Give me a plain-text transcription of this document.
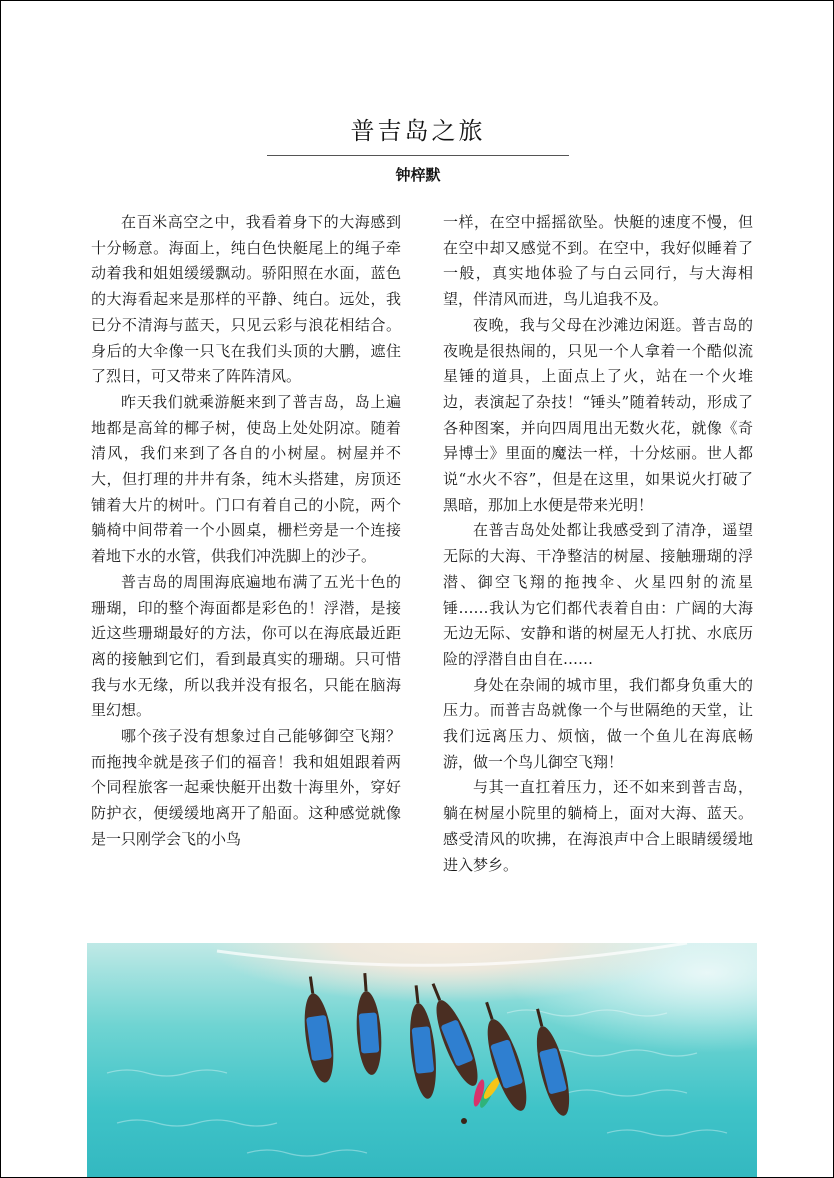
普吉岛之旅
钟梓默

在百米高空之中，我看着身下的大海感到十分畅意。海面上，纯白色快艇尾上的绳子牵动着我和姐姐缓缓飘动。骄阳照在水面，蓝色的大海看起来是那样的平静、纯白。远处，我已分不清海与蓝天，只见云彩与浪花相结合。身后的大伞像一只飞在我们头顶的大鹏，遮住了烈日，可又带来了阵阵清风。

昨天我们就乘游艇来到了普吉岛，岛上遍地都是高耸的椰子树，使岛上处处阴凉。随着清风，我们来到了各自的小树屋。树屋并不大，但打理的井井有条，纯木头搭建，房顶还铺着大片的树叶。门口有着自己的小院，两个躺椅中间带着一个小圆桌，栅栏旁是一个连接着地下水的水管，供我们冲洗脚上的沙子。

普吉岛的周围海底遍地布满了五光十色的珊瑚，印的整个海面都是彩色的！浮潜，是接近这些珊瑚最好的方法，你可以在海底最近距离的接触到它们，看到最真实的珊瑚。只可惜我与水无缘，所以我并没有报名，只能在脑海里幻想。

哪个孩子没有想象过自己能够御空飞翔？而拖拽伞就是孩子们的福音！我和姐姐跟着两个同程旅客一起乘快艇开出数十海里外，穿好防护衣，便缓缓地离开了船面。这种感觉就像是一只刚学会飞的小鸟

一样，在空中摇摇欲坠。快艇的速度不慢，但在空中却又感觉不到。在空中，我好似睡着了一般，真实地体验了与白云同行，与大海相望，伴清风而进，鸟儿追我不及。

夜晚，我与父母在沙滩边闲逛。普吉岛的夜晚是很热闹的，只见一个人拿着一个酷似流星锤的道具，上面点上了火，站在一个火堆边，表演起了杂技！“锤头”随着转动，形成了各种图案，并向四周甩出无数火花，就像《奇异博士》里面的魔法一样，十分炫丽。世人都说“水火不容”，但是在这里，如果说火打破了黑暗，那加上水便是带来光明！

在普吉岛处处都让我感受到了清净，遥望无际的大海、干净整洁的树屋、接触珊瑚的浮潜、御空飞翔的拖拽伞、火星四射的流星锤……我认为它们都代表着自由：广阔的大海无边无际、安静和谐的树屋无人打扰、水底历险的浮潜自由自在……

身处在杂闹的城市里，我们都身负重大的压力。而普吉岛就像一个与世隔绝的天堂，让我们远离压力、烦恼，做一个鱼儿在海底畅游，做一个鸟儿御空飞翔！

与其一直扛着压力，还不如来到普吉岛，躺在树屋小院里的躺椅上，面对大海、蓝天。感受清风的吹拂，在海浪声中合上眼睛缓缓地进入梦乡。
